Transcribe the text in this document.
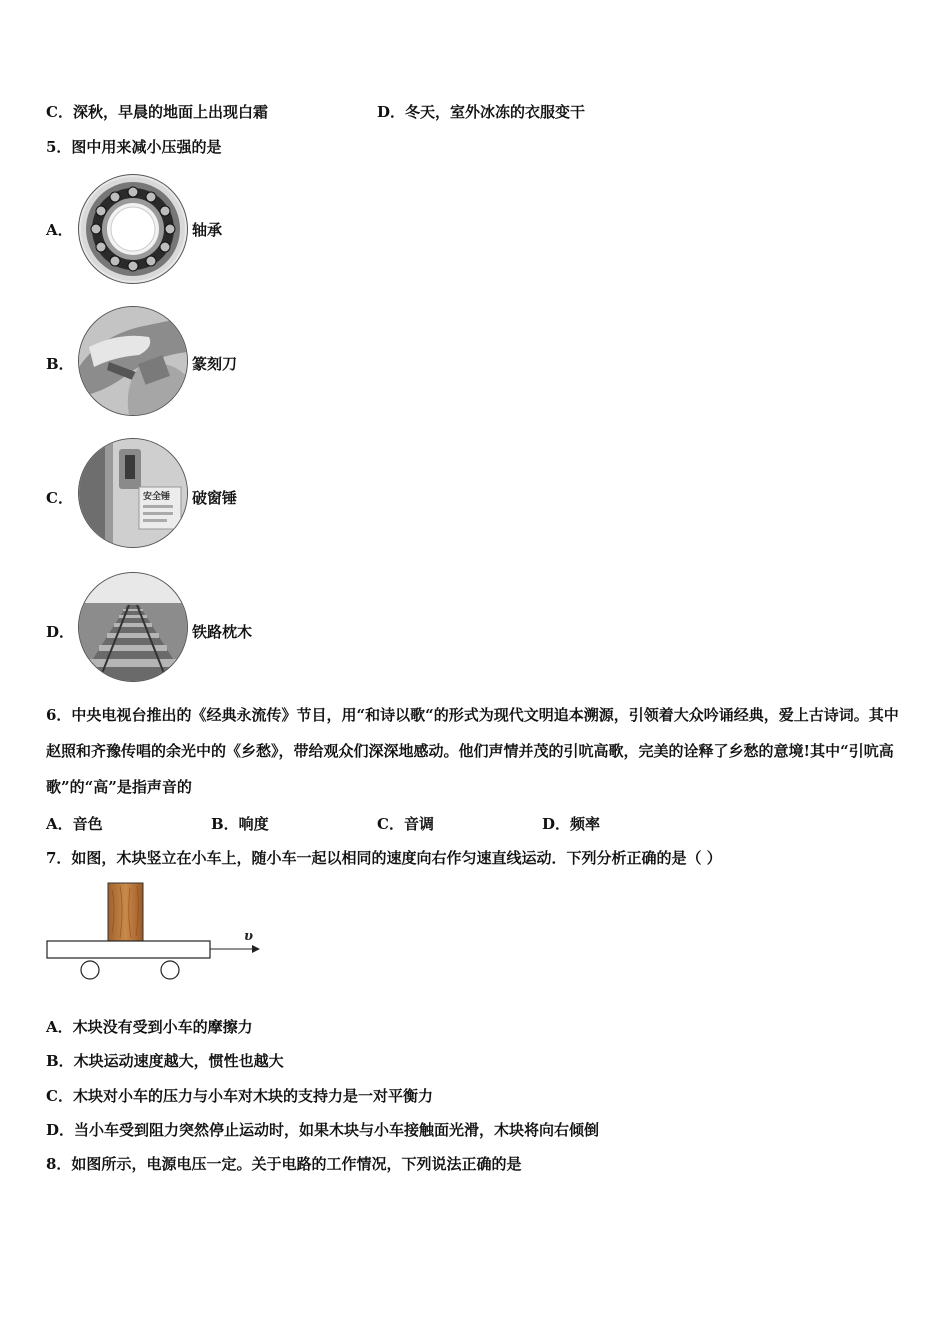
C．深秋，早晨的地面上出现白霜	D．冬天，室外冰冻的衣服变干
5．图中用来减小压强的是
A．	轴承
B．	篆刻刀
C．	安全锤 破窗锤
D．	铁路枕木
6．中央电视台推出的《经典永流传》节目，用“和诗以歌“的形式为现代文明追本溯源，引领着大众吟诵经典，爱上古诗词。其中赵照和齐豫传唱的余光中的《乡愁》，带给观众们深深地感动。他们声情并茂的引吭高歌，完美的诠释了乡愁的意境!其中“引吭高歌”的“高”是指声音的
A．音色	B．响度	C．音调	D．频率
7．如图，木块竖立在小车上，随小车一起以相同的速度向右作匀速直线运动．下列分析正确的是（ ）
υ
A．木块没有受到小车的摩擦力
B．木块运动速度越大，惯性也越大
C．木块对小车的压力与小车对木块的支持力是一对平衡力
D．当小车受到阻力突然停止运动时，如果木块与小车接触面光滑，木块将向右倾倒
8．如图所示，电源电压一定。关于电路的工作情况，下列说法正确的是
